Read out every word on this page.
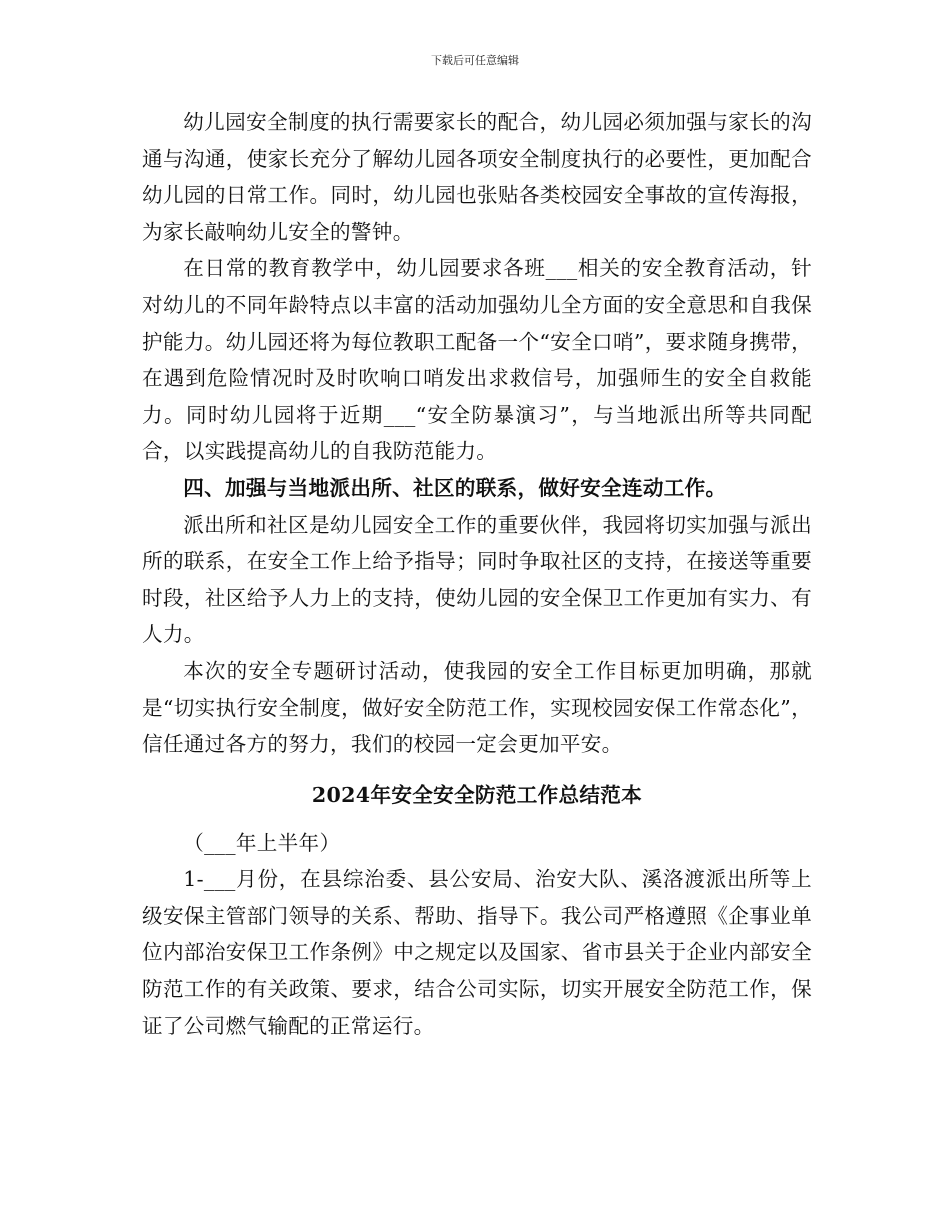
下载后可任意编辑

幼儿园安全制度的执行需要家长的配合，幼儿园必须加强与家长的沟通与沟通，使家长充分了解幼儿园各项安全制度执行的必要性，更加配合幼儿园的日常工作。同时，幼儿园也张贴各类校园安全事故的宣传海报，为家长敲响幼儿安全的警钟。

在日常的教育教学中，幼儿园要求各班___相关的安全教育活动，针对幼儿的不同年龄特点以丰富的活动加强幼儿全方面的安全意思和自我保护能力。幼儿园还将为每位教职工配备一个“安全口哨”，要求随身携带，在遇到危险情况时及时吹响口哨发出求救信号，加强师生的安全自救能力。同时幼儿园将于近期___“安全防暴演习”，与当地派出所等共同配合，以实践提高幼儿的自我防范能力。

四、加强与当地派出所、社区的联系，做好安全连动工作。

派出所和社区是幼儿园安全工作的重要伙伴，我园将切实加强与派出所的联系，在安全工作上给予指导；同时争取社区的支持，在接送等重要时段，社区给予人力上的支持，使幼儿园的安全保卫工作更加有实力、有人力。

本次的安全专题研讨活动，使我园的安全工作目标更加明确，那就是“切实执行安全制度，做好安全防范工作，实现校园安保工作常态化”，信任通过各方的努力，我们的校园一定会更加平安。

2024年安全安全防范工作总结范本

（___年上半年）

1-___月份，在县综治委、县公安局、治安大队、溪洛渡派出所等上级安保主管部门领导的关系、帮助、指导下。我公司严格遵照《企事业单位内部治安保卫工作条例》中之规定以及国家、省市县关于企业内部安全防范工作的有关政策、要求，结合公司实际，切实开展安全防范工作，保证了公司燃气输配的正常运行。
